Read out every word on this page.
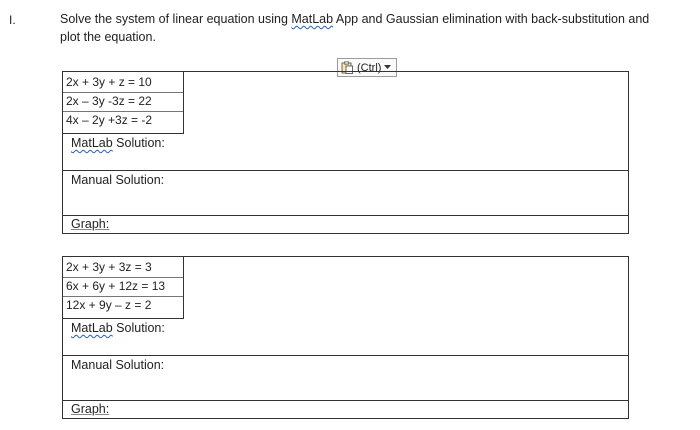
I.	Solve the system of linear equation using MatLab App and Gaussian elimination with back-substitution and plot the equation.
(Ctrl)
2x + 3y + z = 10
2x – 3y -3z = 22
4x – 2y +3z = -2
MatLab Solution:
Manual Solution:
Graph:
2x + 3y + 3z = 3
6x + 6y + 12z = 13
12x + 9y – z = 2
MatLab Solution:
Manual Solution:
Graph:
